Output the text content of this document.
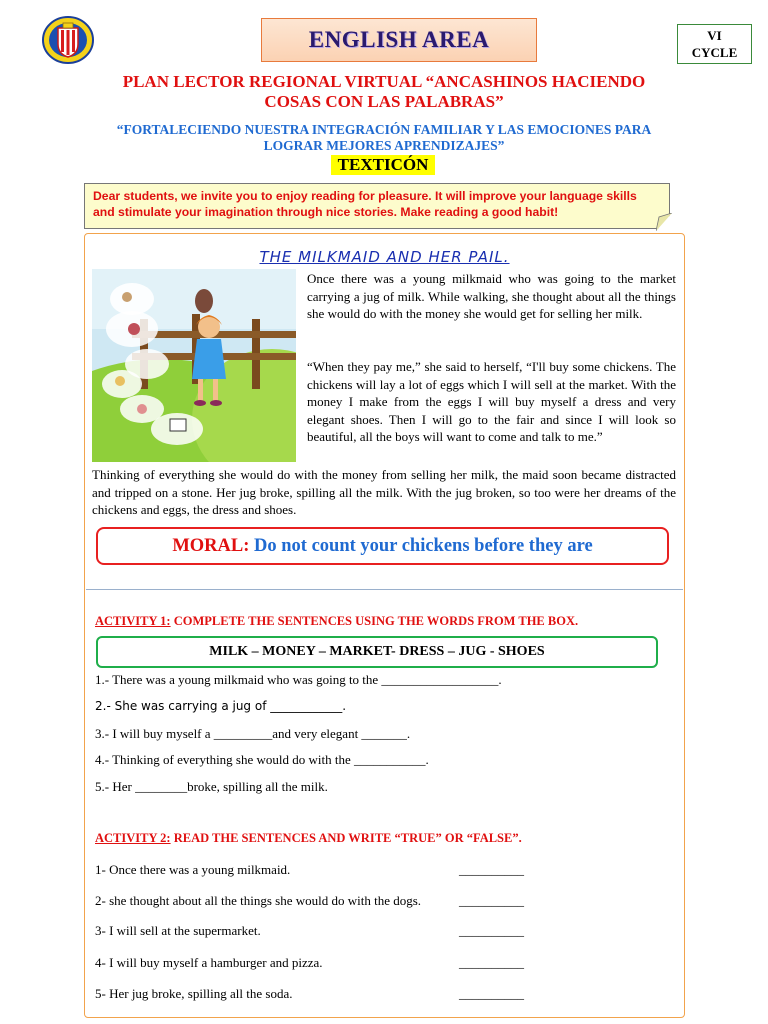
ENGLISH AREA	VI
CYCLE
PLAN LECTOR REGIONAL VIRTUAL “ANCASHINOS HACIENDO
COSAS CON LAS PALABRAS”
“FORTALECIENDO NUESTRA INTEGRACIÓN FAMILIAR Y LAS EMOCIONES PARA
LOGRAR MEJORES APRENDIZAJES”
TEXTICÓN
Dear students, we invite you to enjoy reading for pleasure. It will improve your language skills
and stimulate your imagination through nice stories. Make reading a good habit!
THE MILKMAID AND HER PAIL.
Once there was a young milkmaid who was going to the market carrying a jug of milk. While walking, she thought about all the things she would do with the money she would get for selling her milk.
“When they pay me,” she said to herself, “I'll buy some chickens. The chickens will lay a lot of eggs which I will sell at the market. With the money I make from the eggs I will buy myself a dress and very elegant shoes. Then I will go to the fair and since I will look so beautiful, all the boys will want to come and talk to me.”
Thinking of everything she would do with the money from selling her milk, the maid soon became distracted and tripped on a stone. Her jug broke, spilling all the milk. With the jug broken, so too were her dreams of the chickens and eggs, the dress and shoes.
MORAL: Do not count your chickens before they are
ACTIVITY 1: COMPLETE THE SENTENCES USING THE WORDS FROM THE BOX.
MILK – MONEY – MARKET- DRESS – JUG - SHOES
1.- There was a young milkmaid who was going to the __________________.
2.- She was carrying a jug of ____________.
3.- I will buy myself a _________and very elegant _______.
4.- Thinking of everything she would do with the ___________.
5.- Her ________broke, spilling all the milk.
ACTIVITY 2: READ THE SENTENCES AND WRITE “TRUE” OR “FALSE”.
1- Once there was a young milkmaid.	__________
2- she thought about all the things she would do with the dogs.	__________
3- I will sell at the supermarket.	__________
4- I will buy myself a hamburger and pizza.	__________
5- Her jug broke, spilling all the soda.	__________
